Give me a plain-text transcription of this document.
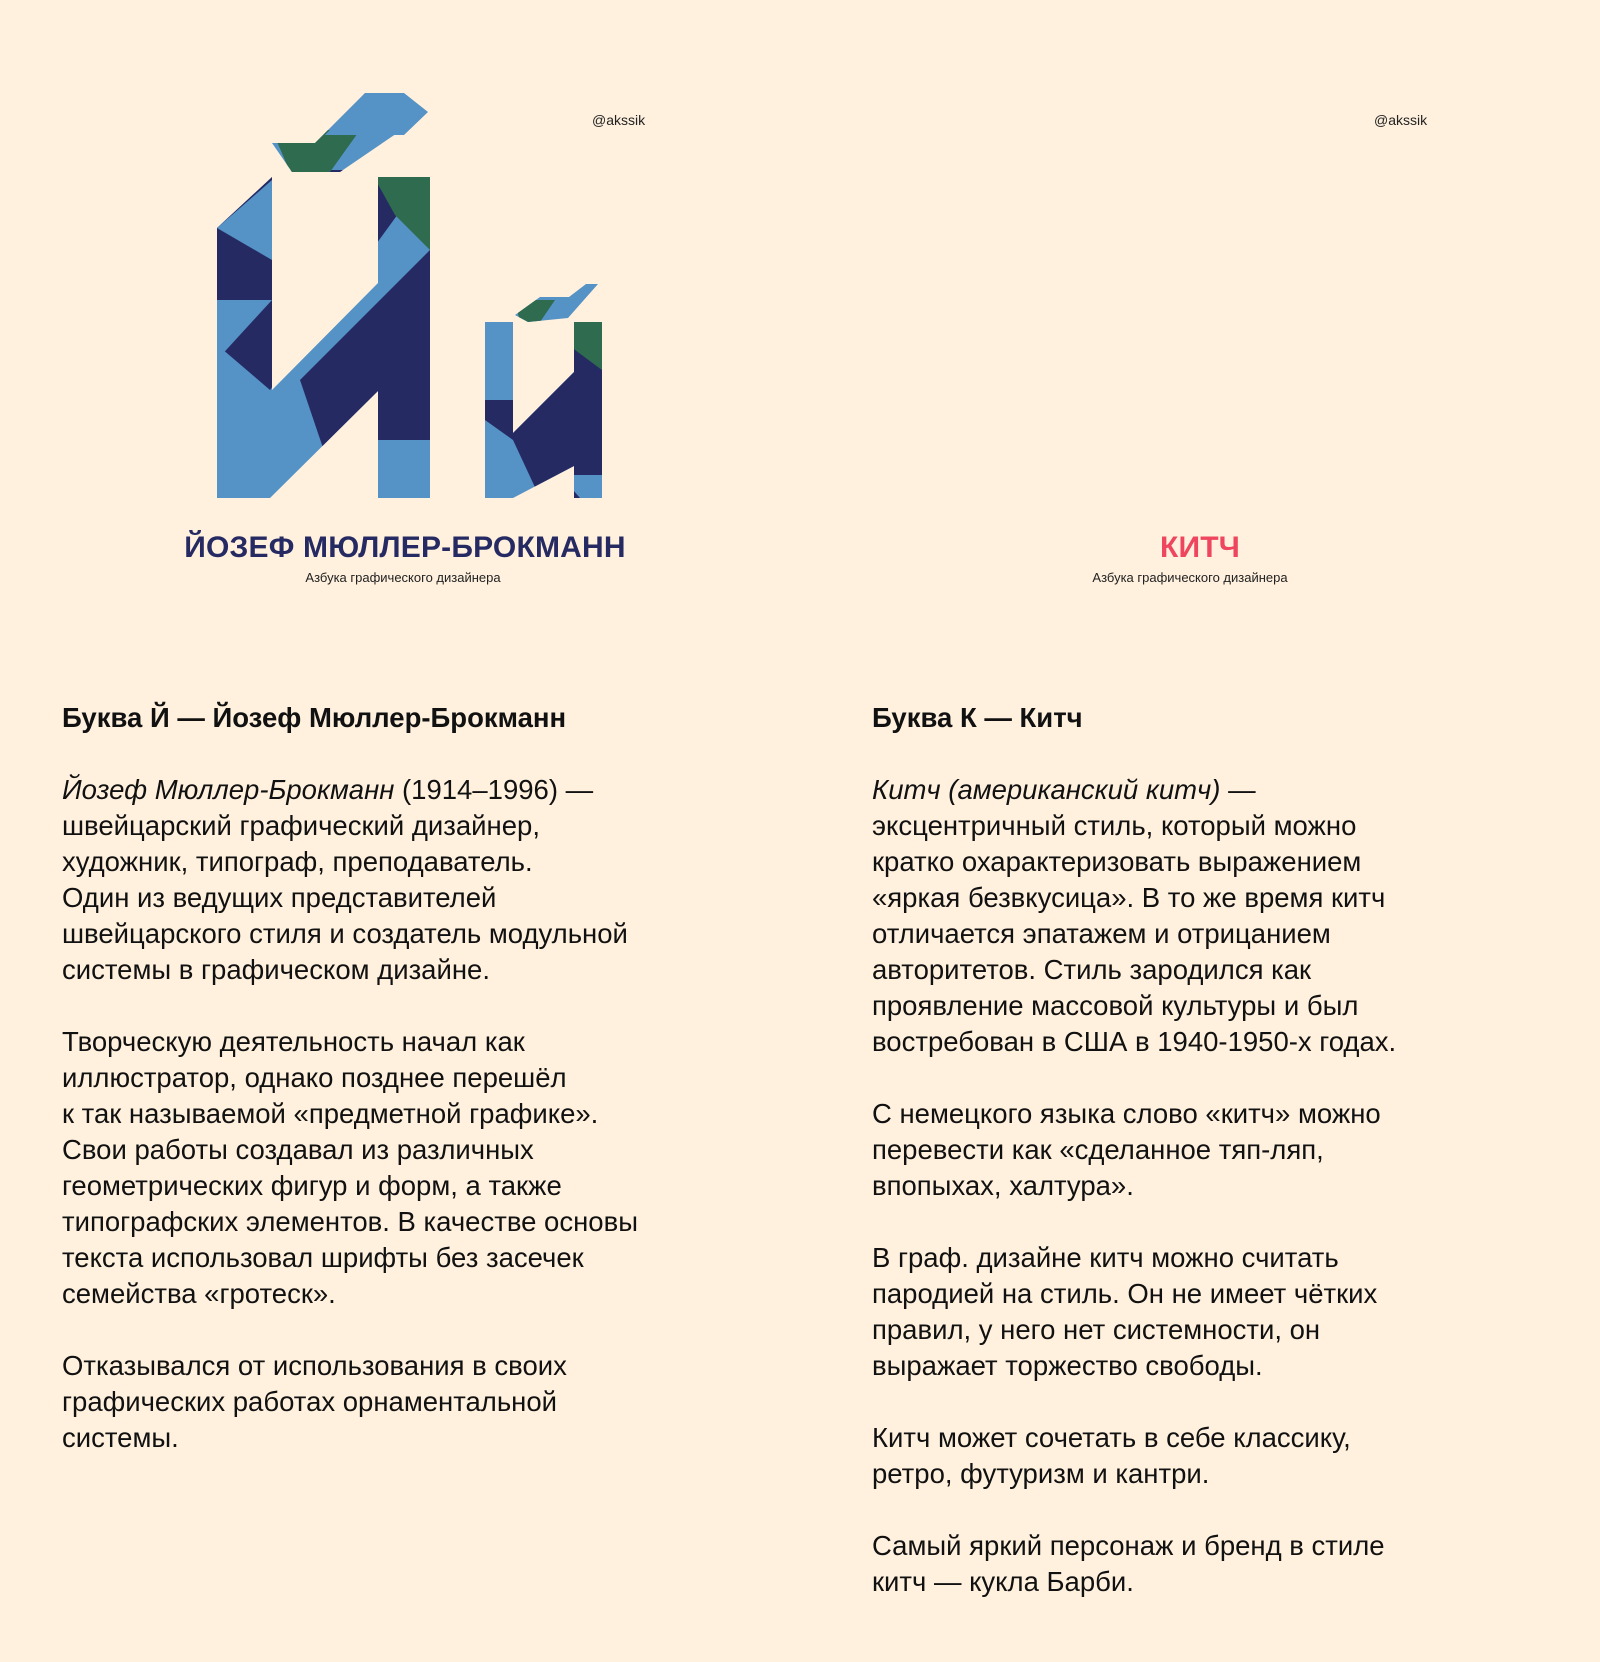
@akssik

ЙОЗЕФ МЮЛЛЕР-БРОКМАНН

Азбука графического дизайнера

@akssik

КИТЧ

Азбука графического дизайнера

Буква Й — Йозеф Мюллер-Брокманн

Йозеф Мюллер-Брокманн (1914–1996) —
швейцарский графический дизайнер,
художник, типограф, преподаватель.
Один из ведущих представителей
швейцарского стиля и создатель модульной
системы в графическом дизайне.

Творческую деятельность начал как
иллюстратор, однако позднее перешёл
к так называемой «предметной графике».
Свои работы создавал из различных
геометрических фигур и форм, а также
типографских элементов. В качестве основы
текста использовал шрифты без засечек
семейства «гротеск».

Отказывался от использования в своих
графических работах орнаментальной
системы.

Буква К — Китч

Китч (американский китч) —
эксцентричный стиль, который можно
кратко охарактеризовать выражением
«яркая безвкусица». В то же время китч
отличается эпатажем и отрицанием
авторитетов. Стиль зародился как
проявление массовой культуры и был
востребован в США в 1940-1950-х годах.

С немецкого языка слово «китч» можно
перевести как «сделанное тяп-ляп,
впопыхах, халтура».

В граф. дизайне китч можно считать
пародией на стиль. Он не имеет чётких
правил, у него нет системности, он
выражает торжество свободы.

Китч может сочетать в себе классику,
ретро, футуризм и кантри.

Самый яркий персонаж и бренд в стиле
китч — кукла Барби.
